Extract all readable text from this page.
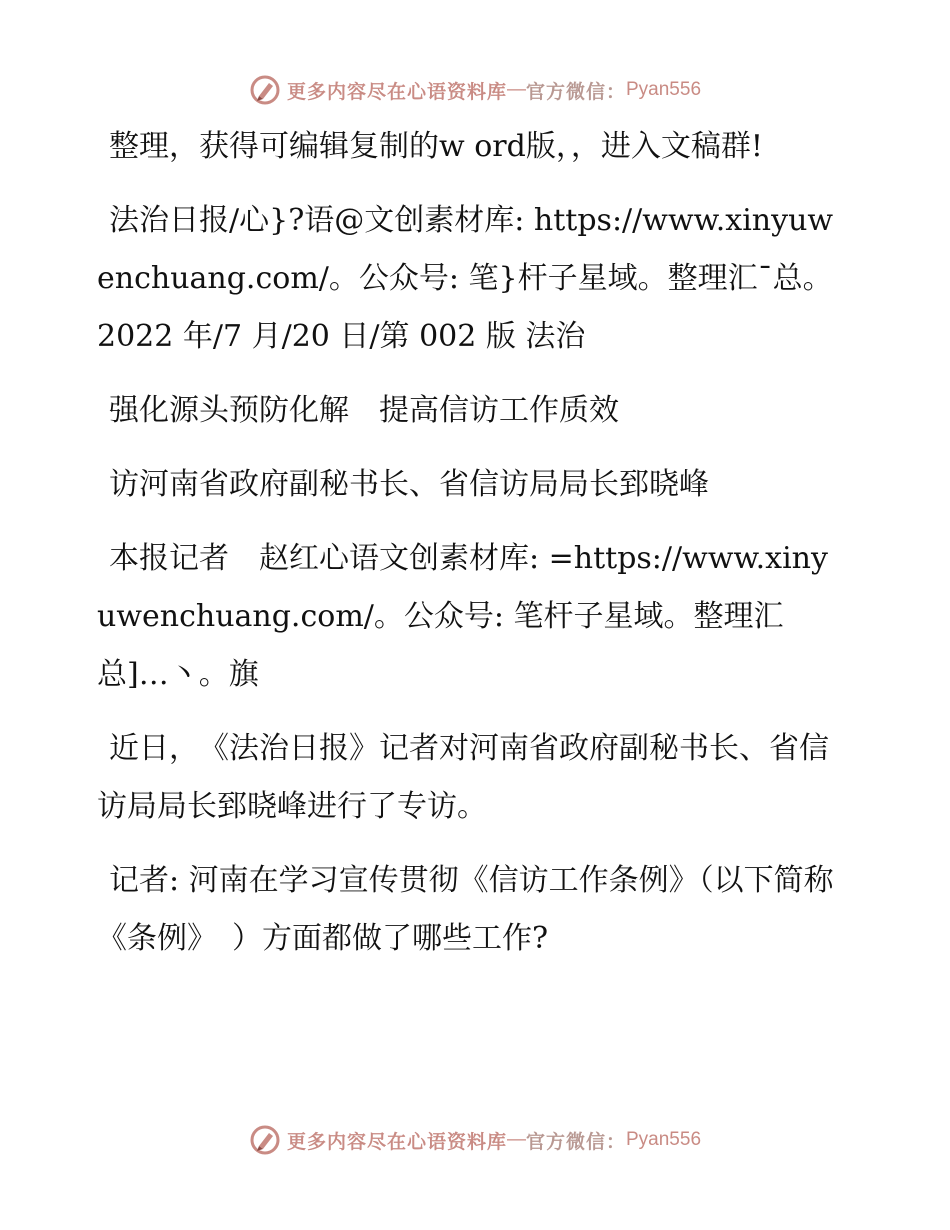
更多内容尽在心语资料库 — 官方微信： Pyan556

整理，获得可编辑复制的w ord版，，进入文稿群!

法治日报/心}?语@文创素材库: https://www.xinyuwenchuang.com/。公众号: 笔}杆子星域。整理汇¯总。2022 年/7 月/20 日/第 002 版 法治

强化源头预防化解　提高信访工作质效

访河南省政府副秘书长、省信访局局长郅晓峰

本报记者　赵红心语文创素材库: =https://www.xinyuwenchuang.com/。公众号: 笔杆子星域。整理汇总]…丶。旗

近日，　《法治日报》记者对河南省政府副秘书长、省信访局局长郅晓峰进行了专访。

记者: 河南在学习宣传贯彻《信访工作条例》（以下简称《条例》　）方面都做了哪些工作?

更多内容尽在心语资料库 — 官方微信： Pyan556
